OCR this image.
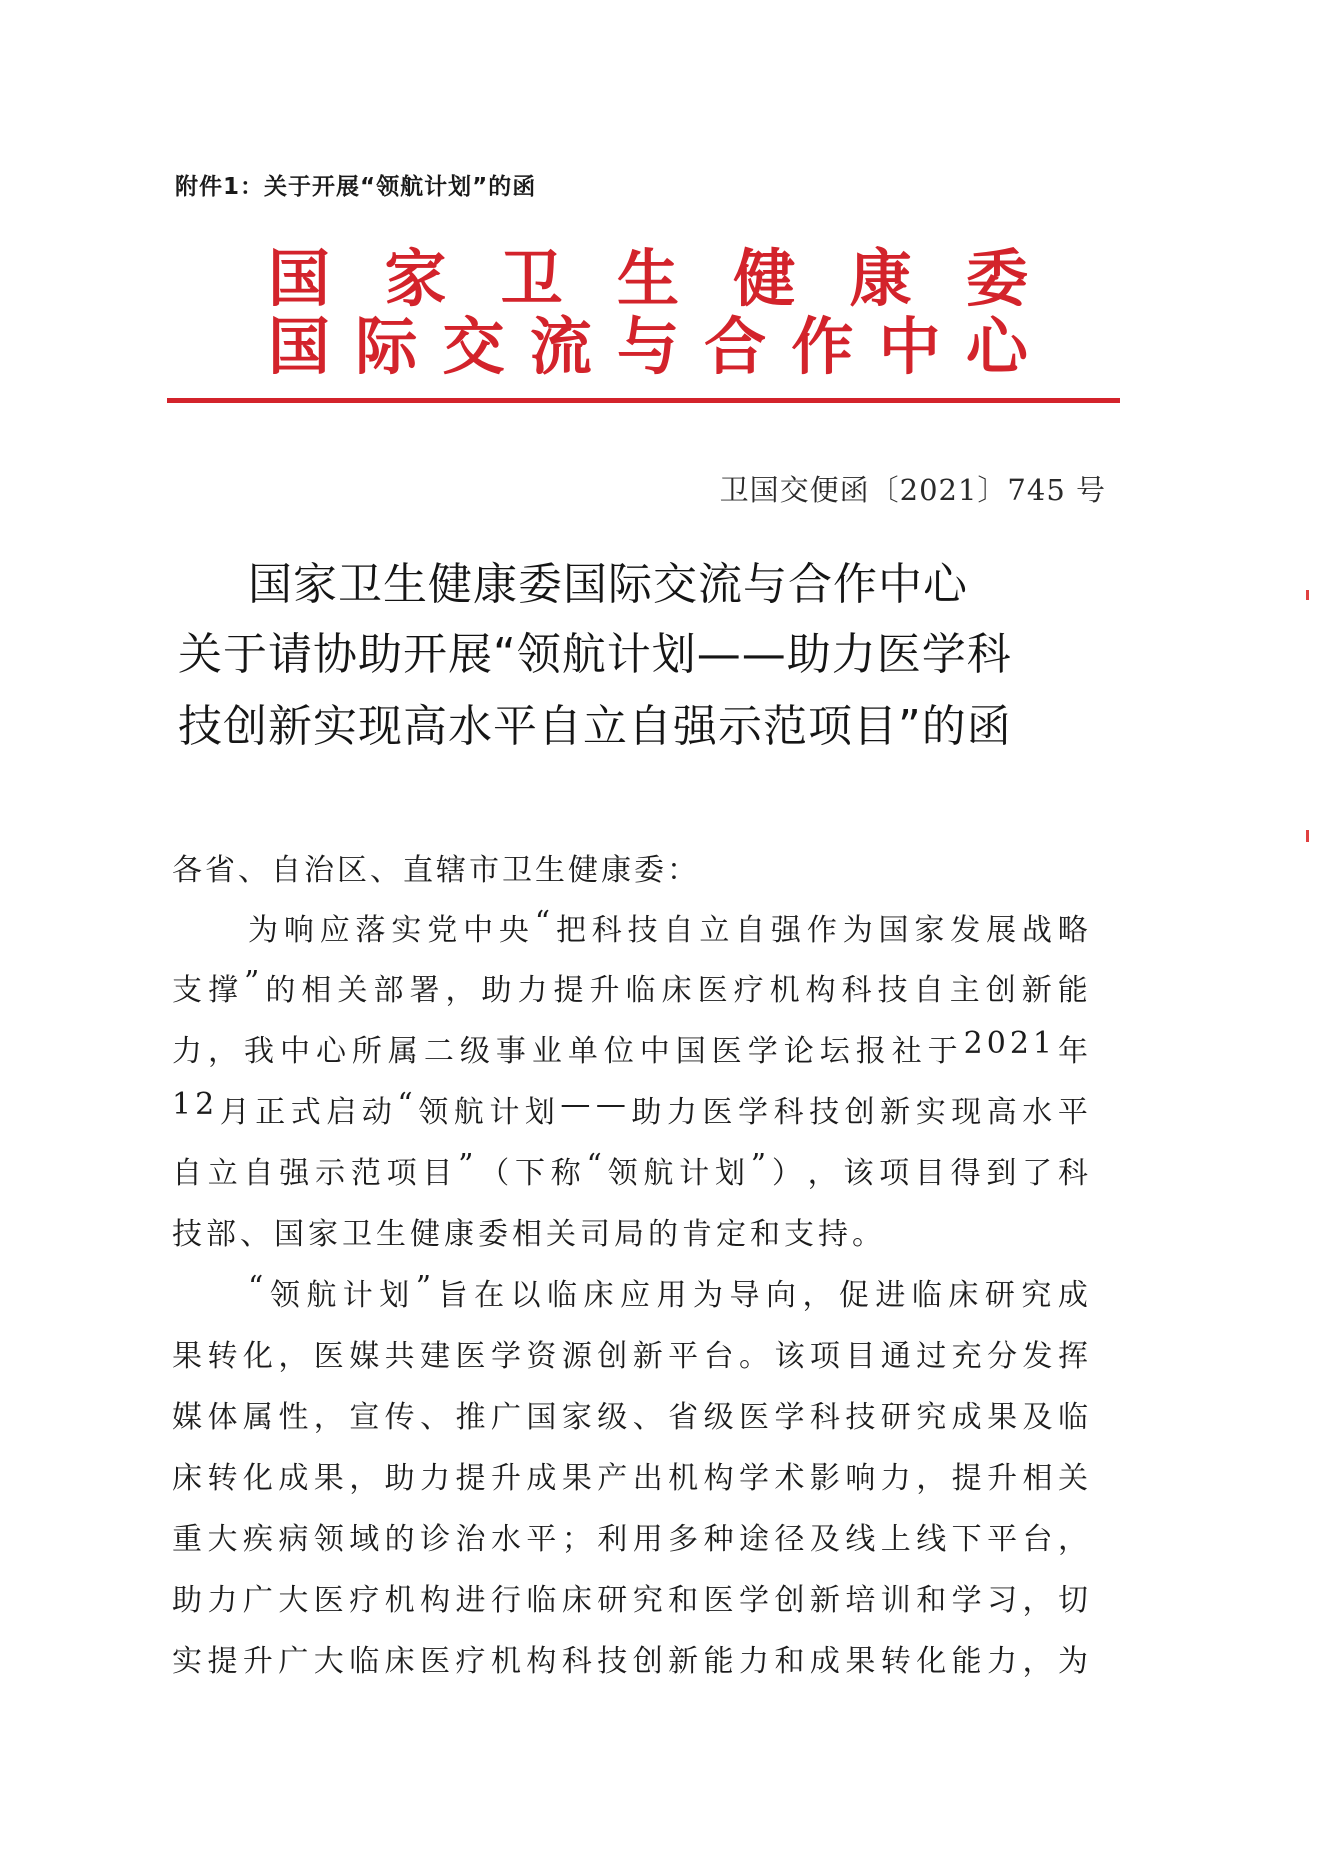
附件1：关于开展“领航计划”的函
国 家 卫 生 健 康 委
国 际 交 流 与 合 作 中 心
卫国交便函〔2021〕745 号
国家卫生健康委国际交流与合作中心
关于请协助开展“领航计划——助力医学科
技创新实现高水平自立自强示范项目”的函
各省、自治区、直辖市卫生健康委：
为 响 应 落 实 党 中 央 “ 把 科 技 自 立 自 强 作 为 国 家 发 展 战 略
支 撑 ” 的 相 关 部 署 ， 助 力 提 升 临 床 医 疗 机 构 科 技 自 主 创 新 能
力 ， 我 中 心 所 属 二 级 事 业 单 位 中 国 医 学 论 坛 报 社 于 2021 年
12 月 正 式 启 动 “ 领 航 计 划 — — 助 力 医 学 科 技 创 新 实 现 高 水 平
自 立 自 强 示 范 项 目 ” （ 下 称 “ 领 航 计 划 ” ） ， 该 项 目 得 到 了 科
技部、国家卫生健康委相关司局的肯定和支持。
“ 领 航 计 划 ” 旨 在 以 临 床 应 用 为 导 向 ， 促 进 临 床 研 究 成
果 转 化 ， 医 媒 共 建 医 学 资 源 创 新 平 台 。 该 项 目 通 过 充 分 发 挥
媒 体 属 性 ， 宣 传 、 推 广 国 家 级 、 省 级 医 学 科 技 研 究 成 果 及 临
床 转 化 成 果 ， 助 力 提 升 成 果 产 出 机 构 学 术 影 响 力 ， 提 升 相 关
重 大 疾 病 领 域 的 诊 治 水 平 ； 利 用 多 种 途 径 及 线 上 线 下 平 台 ，
助 力 广 大 医 疗 机 构 进 行 临 床 研 究 和 医 学 创 新 培 训 和 学 习 ， 切
实 提 升 广 大 临 床 医 疗 机 构 科 技 创 新 能 力 和 成 果 转 化 能 力 ， 为
